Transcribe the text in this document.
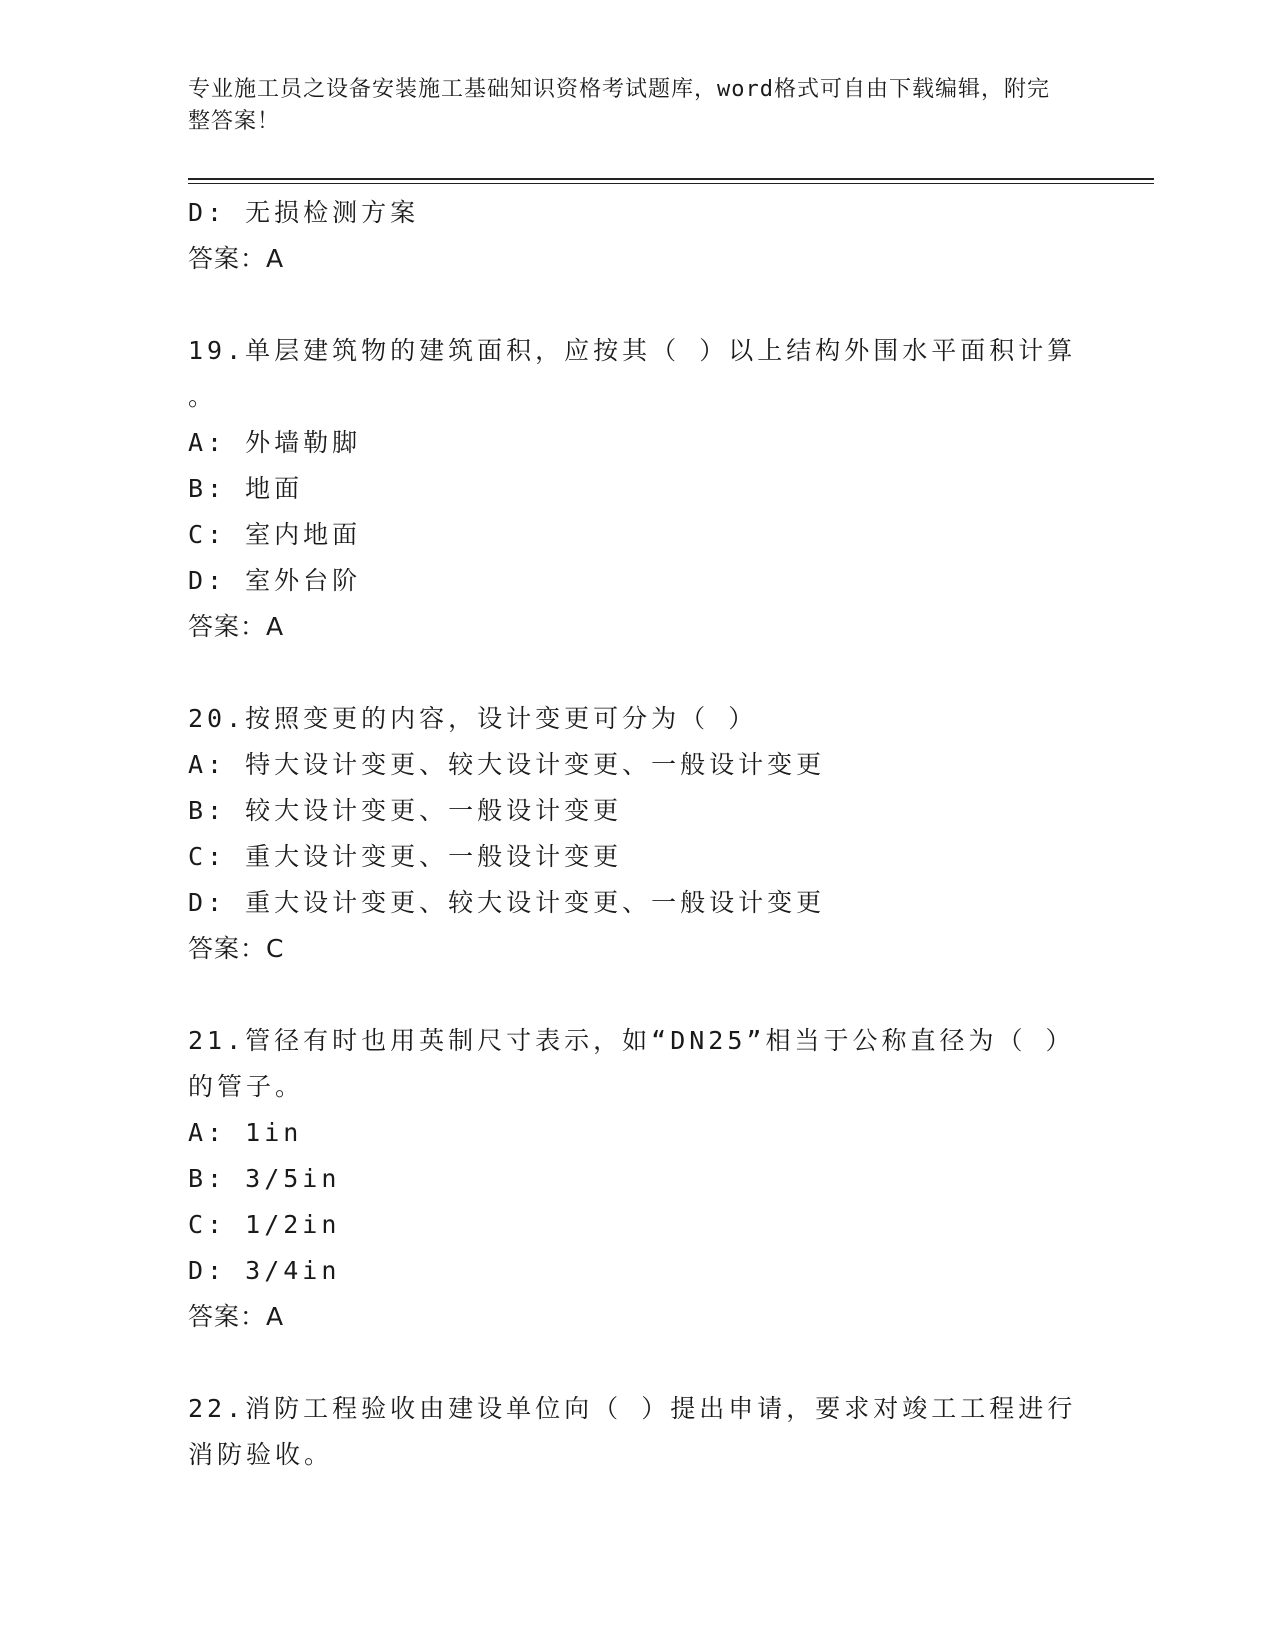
专业施工员之设备安装施工基础知识资格考试题库，word格式可自由下载编辑，附完整答案！
D: 无损检测方案
答案：A
19.单层建筑物的建筑面积，应按其（ ）以上结构外围水平面积计算
。
A: 外墙勒脚
B: 地面
C: 室内地面
D: 室外台阶
答案：A
20.按照变更的内容，设计变更可分为（ ）
A: 特大设计变更、较大设计变更、一般设计变更
B: 较大设计变更、一般设计变更
C: 重大设计变更、一般设计变更
D: 重大设计变更、较大设计变更、一般设计变更
答案：C
21.管径有时也用英制尺寸表示，如“DN25”相当于公称直径为（ ）
的管子。
A: 1in
B: 3/5in
C: 1/2in
D: 3/4in
答案：A
22.消防工程验收由建设单位向（ ）提出申请，要求对竣工工程进行
消防验收。
